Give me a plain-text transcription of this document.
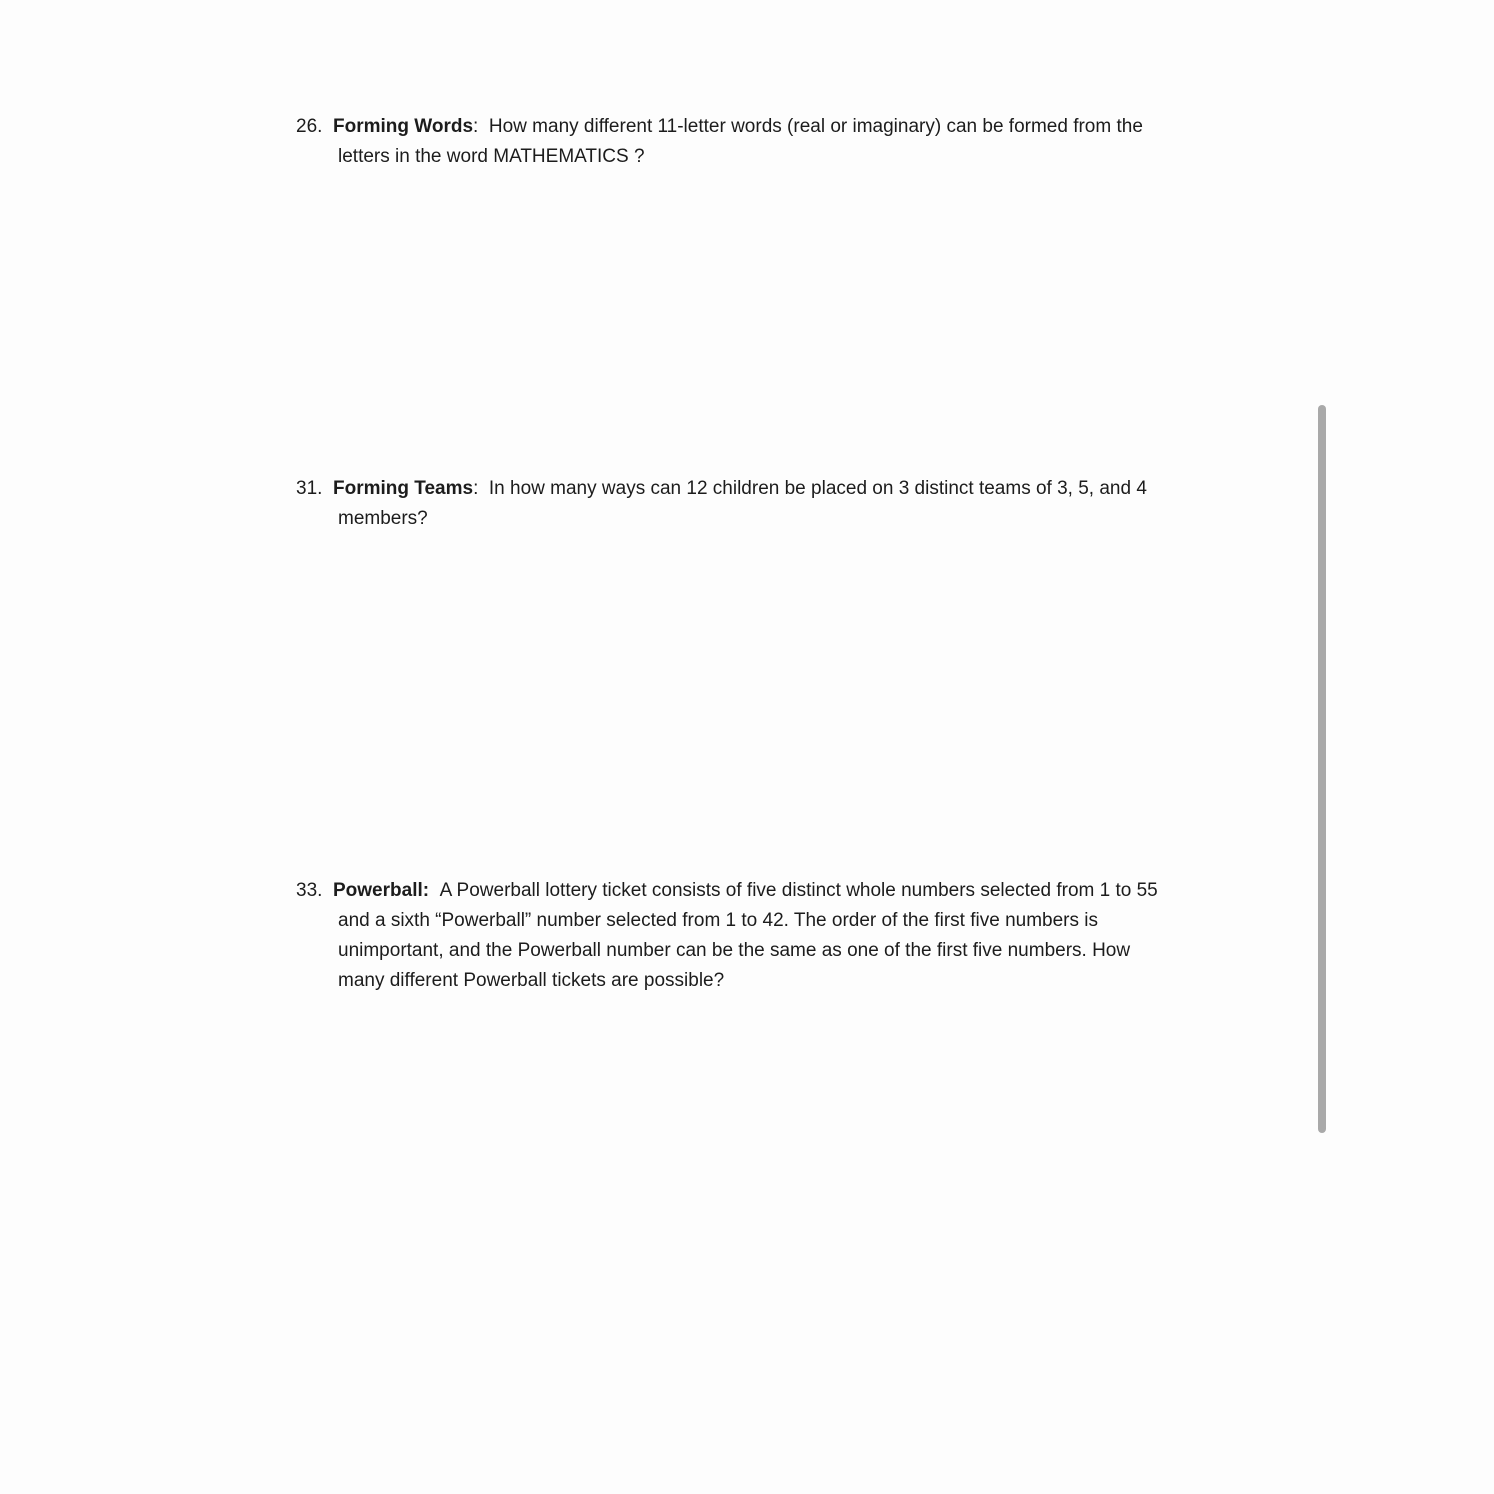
26. Forming Words: How many different 11-letter words (real or imaginary) can be formed from the
letters in the word MATHEMATICS ?
31. Forming Teams: In how many ways can 12 children be placed on 3 distinct teams of 3, 5, and 4
members?
33. Powerball: A Powerball lottery ticket consists of five distinct whole numbers selected from 1 to 55
and a sixth “Powerball” number selected from 1 to 42. The order of the first five numbers is
unimportant, and the Powerball number can be the same as one of the first five numbers. How
many different Powerball tickets are possible?
